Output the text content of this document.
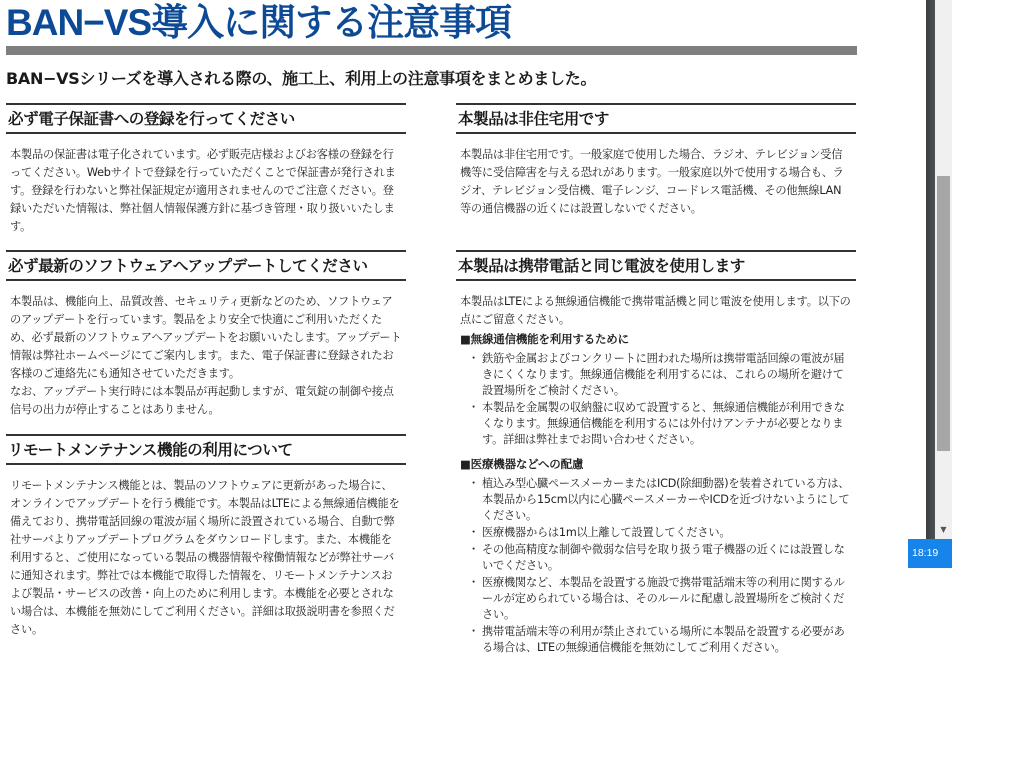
BAN−VS導入に関する注意事項
BAN−VSシリーズを導入される際の、施工上、利用上の注意事項をまとめました。
必ず電子保証書への登録を行ってください

本製品の保証書は電子化されています。必ず販売店様およびお客様の登録を行ってください。Webサイトで登録を行っていただくことで保証書が発行されます。登録を行わないと弊社保証規定が適用されませんのでご注意ください。登録いただいた情報は、弊社個人情報保護方針に基づき管理・取り扱いいたします。

必ず最新のソフトウェアへアップデートしてください

本製品は、機能向上、品質改善、セキュリティ更新などのため、ソフトウェアのアップデートを行っています。製品をより安全で快適にご利用いただくため、必ず最新のソフトウェアへアップデートをお願いいたします。アップデート情報は弊社ホームページにてご案内します。また、電子保証書に登録されたお客様のご連絡先にも通知させていただきます。

なお、アップデート実行時には本製品が再起動しますが、電気錠の制御や接点信号の出力が停止することはありません。

リモートメンテナンス機能の利用について

リモートメンテナンス機能とは、製品のソフトウェアに更新があった場合に、オンラインでアップデートを行う機能です。本製品はLTEによる無線通信機能を備えており、携帯電話回線の電波が届く場所に設置されている場合、自動で弊社サーバよりアップデートプログラムをダウンロードします。また、本機能を利用すると、ご使用になっている製品の機器情報や稼働情報などが弊社サーバに通知されます。弊社では本機能で取得した情報を、リモートメンテナンスおよび製品・サービスの改善・向上のために利用します。本機能を必要とされない場合は、本機能を無効にしてご利用ください。詳細は取扱説明書を参照ください。

本製品は非住宅用です

本製品は非住宅用です。一般家庭で使用した場合、ラジオ、テレビジョン受信機等に受信障害を与える恐れがあります。一般家庭以外で使用する場合も、ラジオ、テレビジョン受信機、電子レンジ、コードレス電話機、その他無線LAN等の通信機器の近くには設置しないでください。

本製品は携帯電話と同じ電波を使用します

本製品はLTEによる無線通信機能で携帯電話機と同じ電波を使用します。以下の点にご留意ください。

■無線通信機能を利用するために
・ 鉄筋や金属およびコンクリートに囲われた場所は携帯電話回線の電波が届きにくくなります。無線通信機能を利用するには、これらの場所を避けて設置場所をご検討ください。
・ 本製品を金属製の収納盤に収めて設置すると、無線通信機能が利用できなくなります。無線通信機能を利用するには外付けアンテナが必要となります。詳細は弊社までお問い合わせください。
■医療機器などへの配慮
・ 植込み型心臓ペースメーカーまたはICD(除細動器)を装着されている方は、本製品から15cm以内に心臓ペースメーカーやICDを近づけないようにしてください。
・ 医療機器からは1m以上離して設置してください。
・ その他高精度な制御や微弱な信号を取り扱う電子機器の近くには設置しないでください。
・ 医療機関など、本製品を設置する施設で携帯電話端末等の利用に関するルールが定められている場合は、そのルールに配慮し設置場所をご検討ください。
・ 携帯電話端末等の利用が禁止されている場所に本製品を設置する必要がある場合は、LTEの無線通信機能を無効にしてご利用ください。
▼
18:19
